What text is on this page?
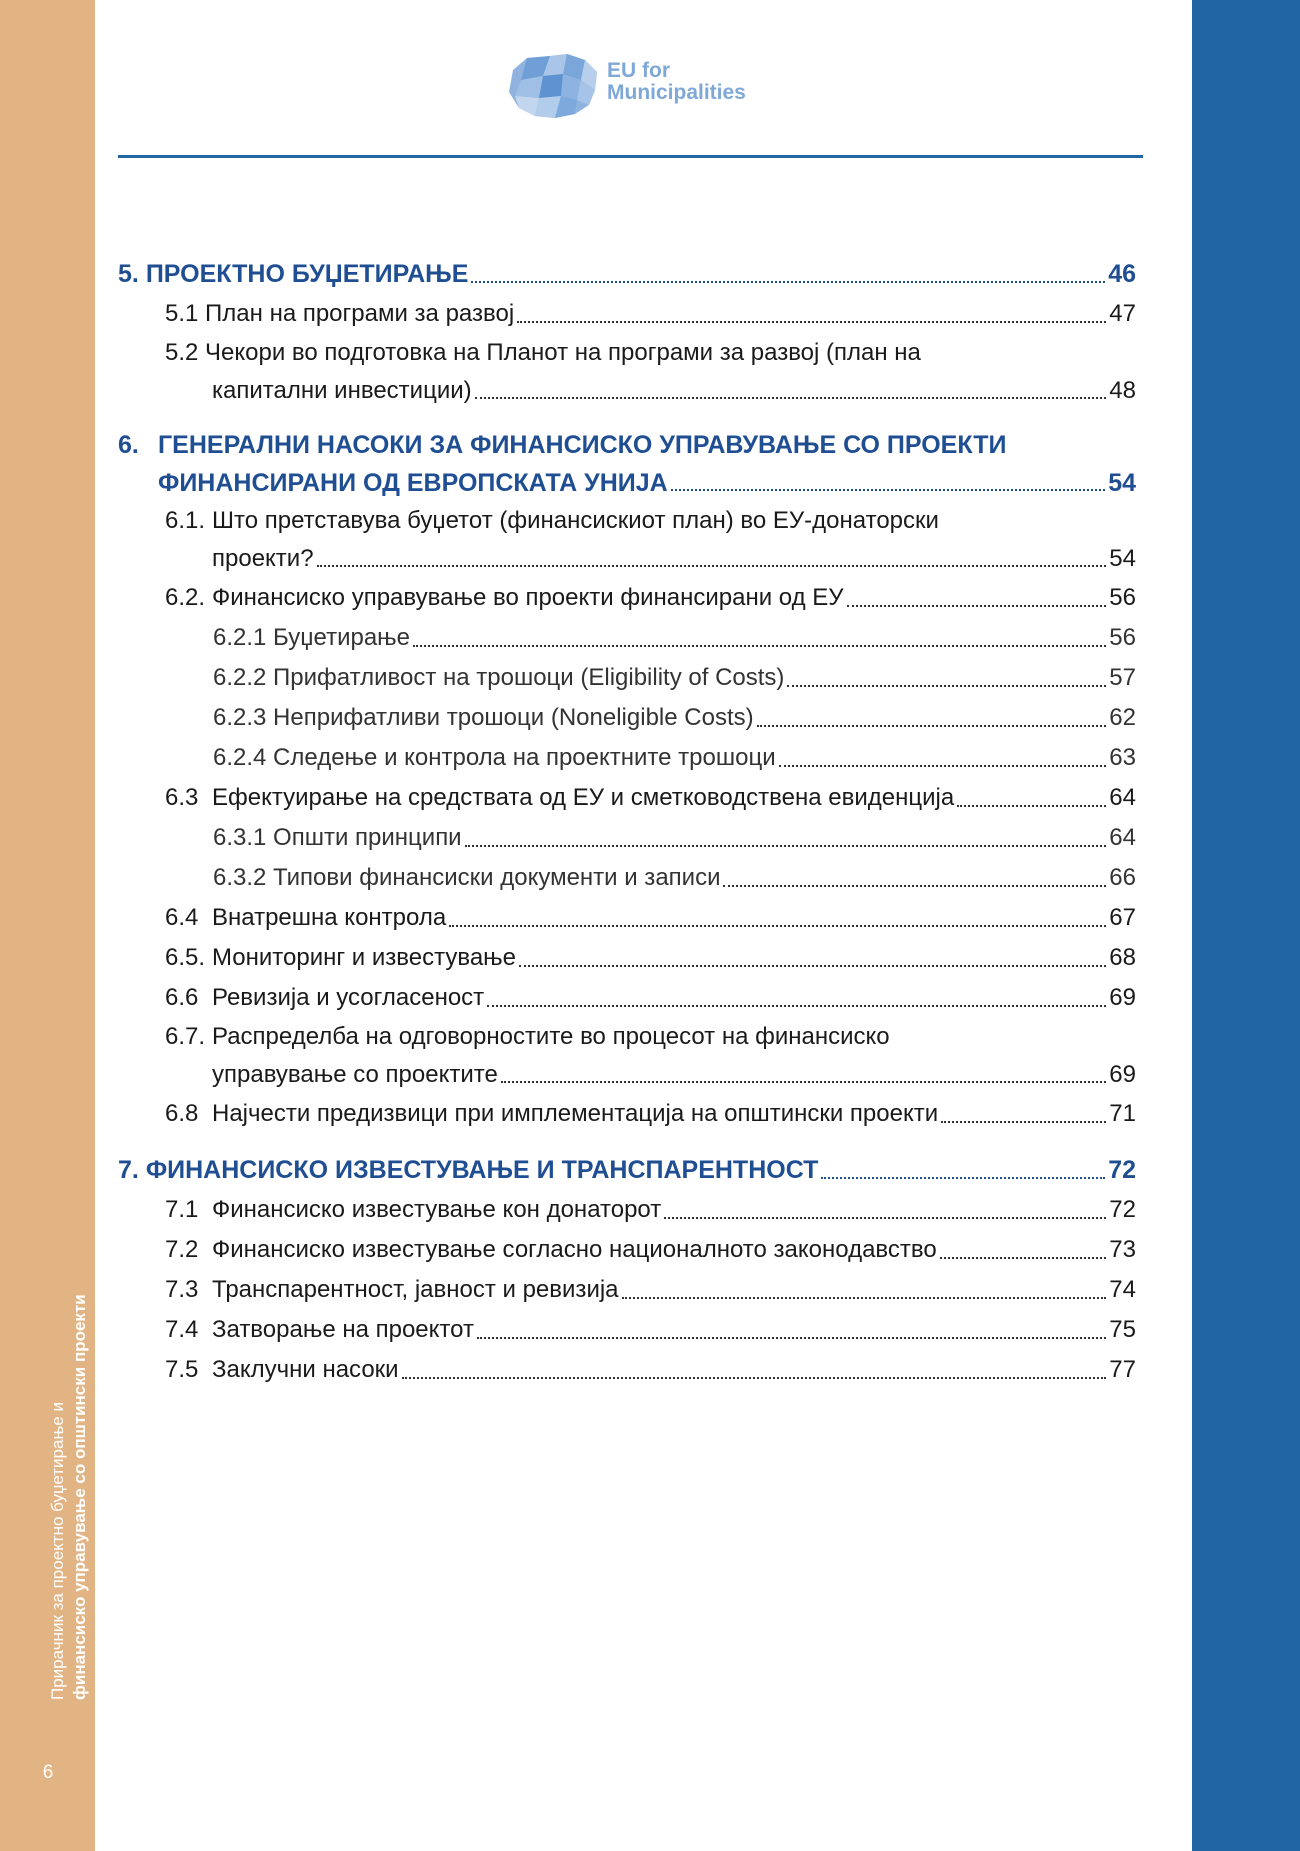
Прирачник за проектно буџетирање и финансиско управување со општински проекти
6
EU for
Municipalities
5.
ПРОЕКТНО БУЏЕТИРАЊЕ	46
5.1
План на програми за развој	47
5.2
Чекори во подготовка на Планот на програми за развој (план на
капитални инвестиции)	48
6. ГЕНЕРАЛНИ НАСОКИ ЗА ФИНАНСИСКО УПРАВУВАЊЕ СО ПРОЕКТИ
ФИНАНСИРАНИ ОД ЕВРОПСКАТА УНИЈА	54
6.1. Што претставува буџетот (финансискиот план) во ЕУ-донаторски
проекти?	54
6.2. Финансиско управување во проекти финансирани од ЕУ	56
6.2.1 Буџетирање	56
6.2.2 Прифатливост на трошоци (Eligibility of Costs)	57
6.2.3 Неприфатливи трошоци (Noneligible Costs)	62
6.2.4 Следење и контрола на проектните трошоци	63
6.3 Ефектуирање на средствата од ЕУ и сметководствена евиденција	64
6.3.1 Општи принципи	64
6.3.2 Типови финансиски документи и записи	66
6.4 Внатрешна контрола	67
6.5. Мониторинг и известување	68
6.6 Ревизија и усогласеност	69
6.7. Распределба на одговорностите во процесот на финансиско
управување со проектите	69
6.8 Најчести предизвици при имплементација на општински проекти	71
7.
ФИНАНСИСКО ИЗВЕСТУВАЊЕ И ТРАНСПАРЕНТНОСТ	72
7.1 Финансиско известување кон донаторот	72
7.2 Финансиско известување согласно националното законодавство	73
7.3 Транспарентност, јавност и ревизија	74
7.4 Затворање на проектот	75
7.5 Заклучни насоки	77
